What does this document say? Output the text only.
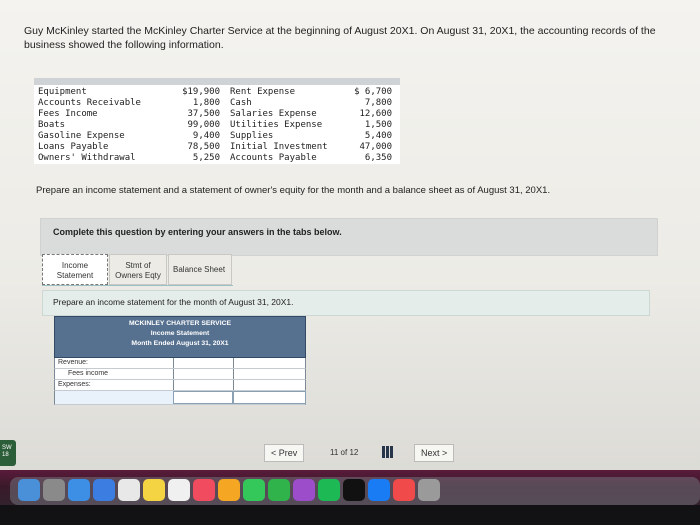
Guy McKinley started the McKinley Charter Service at the beginning of August 20X1. On August 31, 20X1, the accounting records of the business showed the following information.

Equipment
Accounts Receivable
Fees Income
Boats
Gasoline Expense
Loans Payable
Owners' Withdrawal
$19,900
1,800
37,500
99,000
9,400
78,500
5,250
Rent Expense
Cash
Salaries Expense
Utilities Expense
Supplies
Initial Investment
Accounts Payable
$ 6,700
7,800
12,600
1,500
5,400
47,000
6,350

Prepare an income statement and a statement of owner's equity for the month and a balance sheet as of August 31, 20X1.

Complete this question by entering your answers in the tabs below.
Income Statement
Stmt of Owners Eqty
Balance Sheet
Prepare an income statement for the month of August 31, 20X1.
MCKINLEY CHARTER SERVICE
Income Statement
Month Ended August 31, 20X1
Revenue:
Fees income
Expenses:
< Prev	11 of 12	Next >
SW 18
